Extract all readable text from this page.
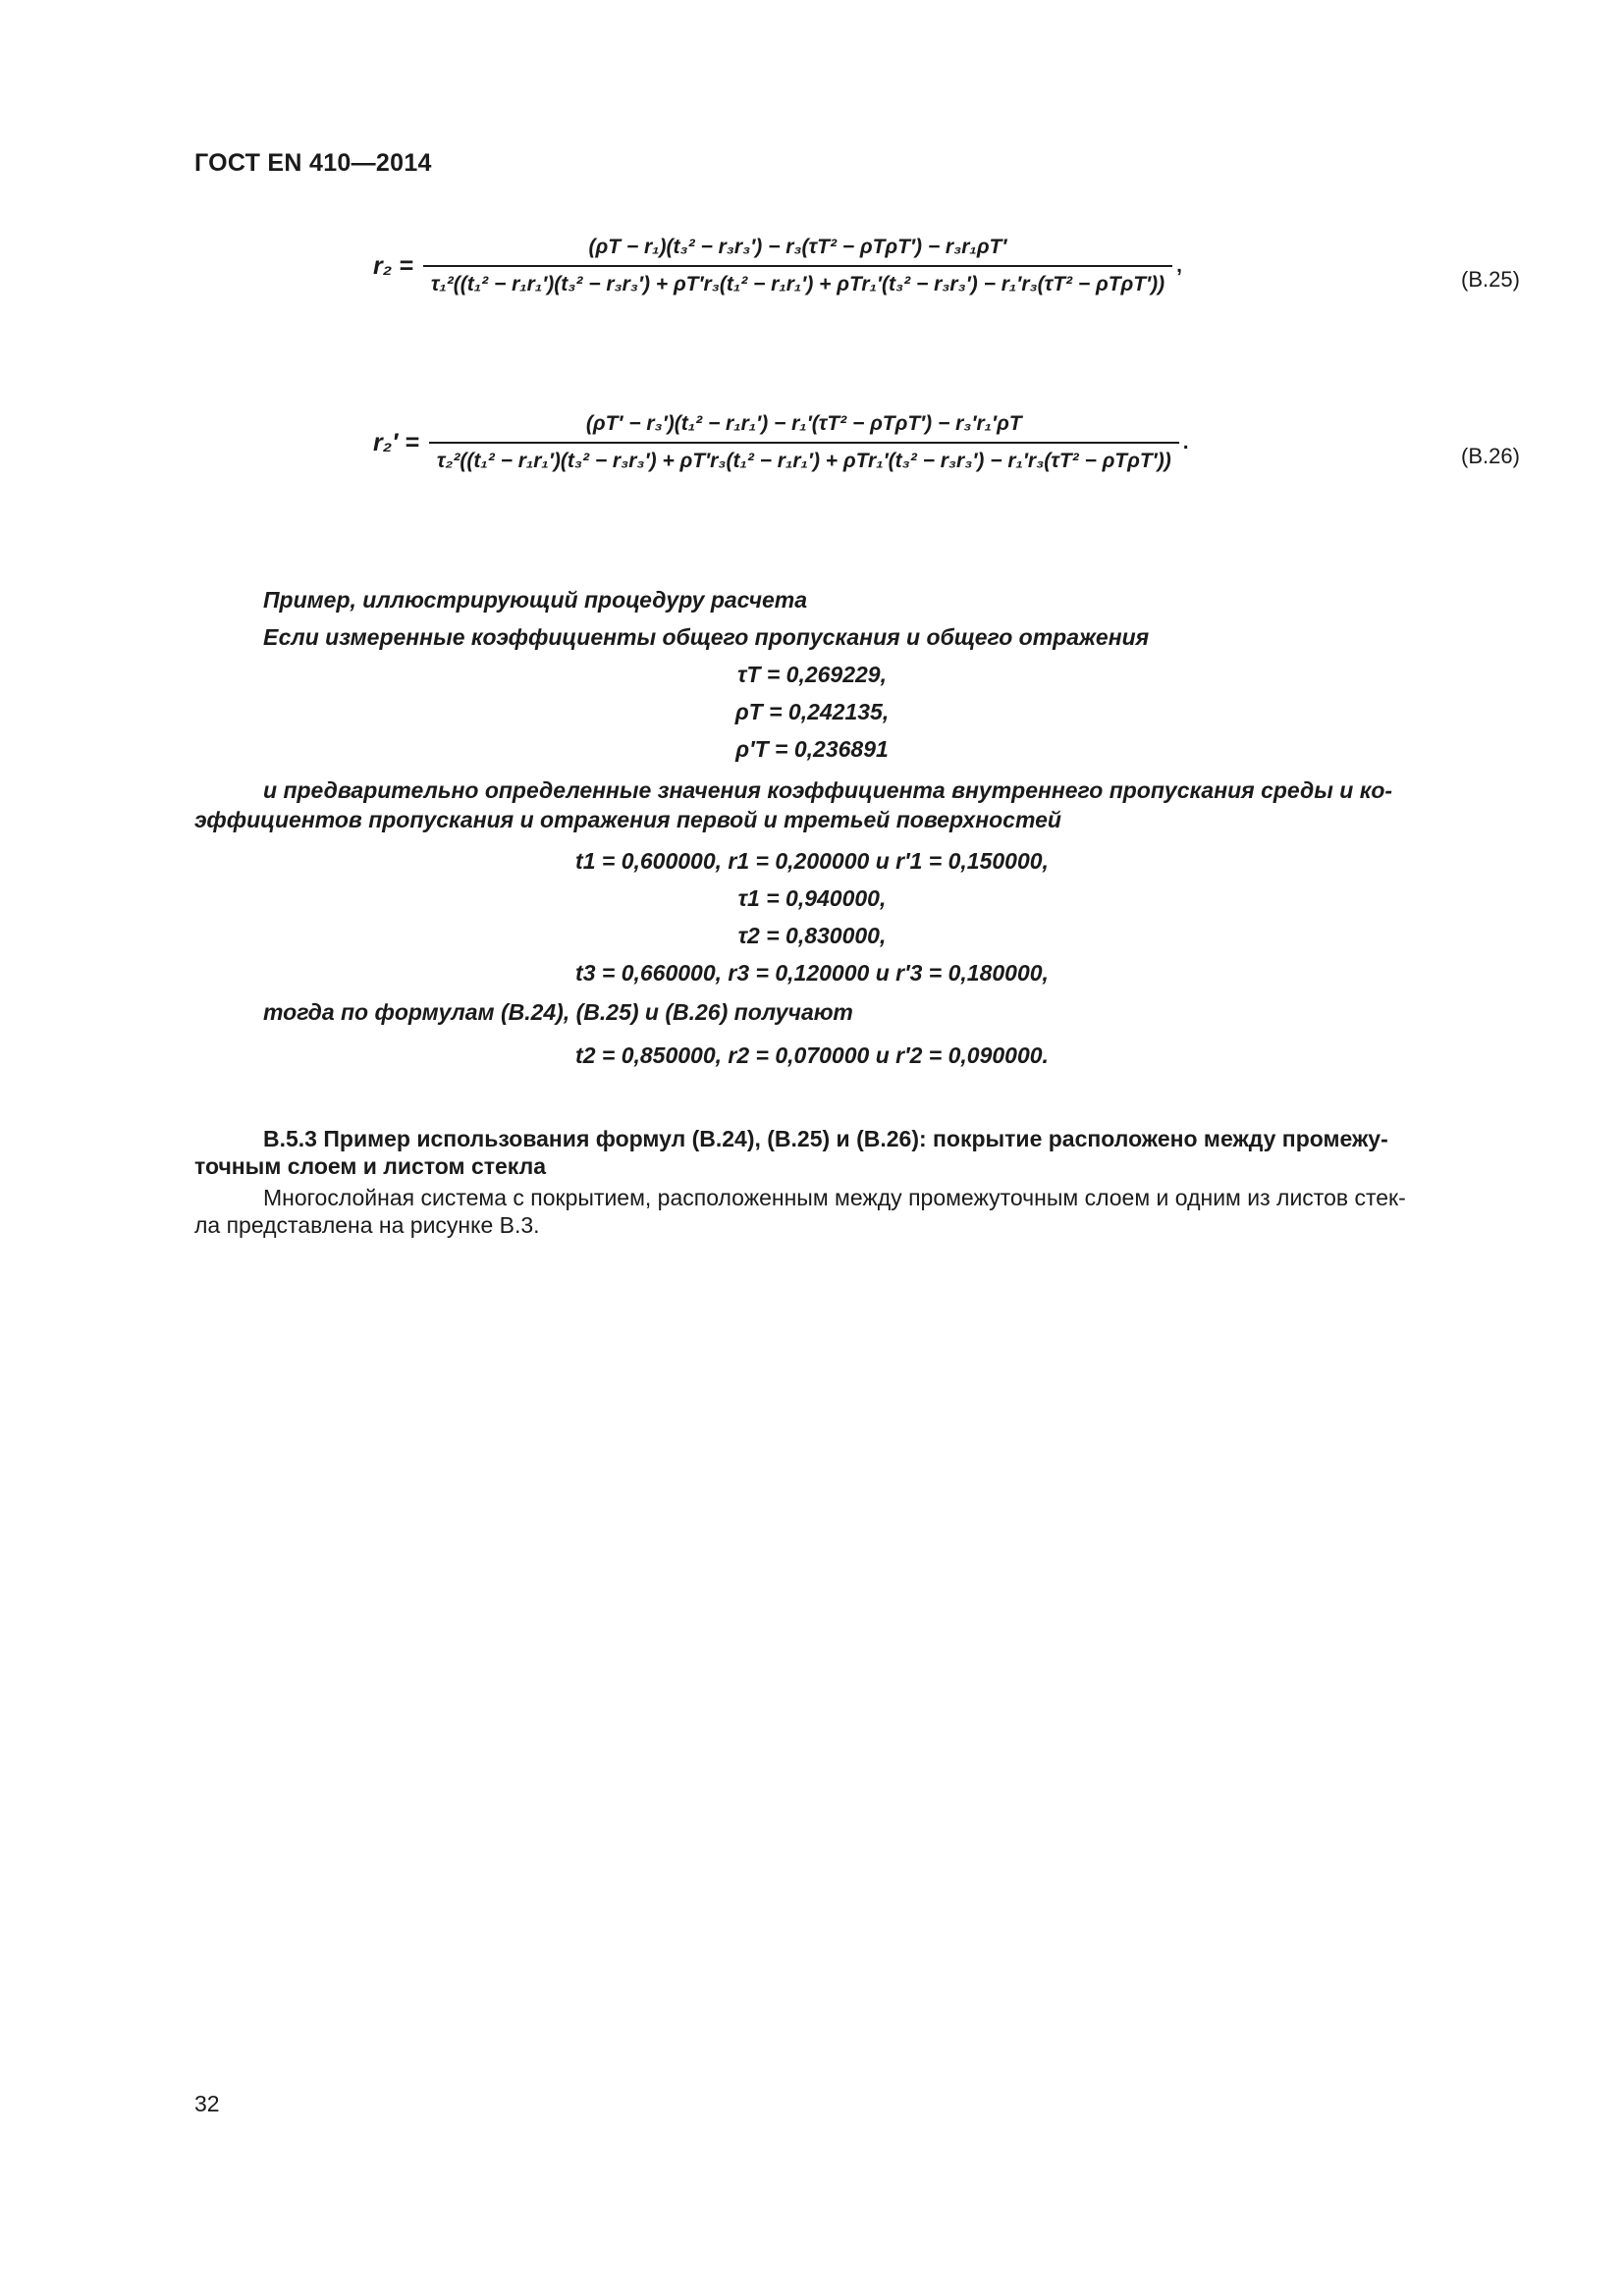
ГОСТ EN 410—2014
r₂ =
(ρT − r₁)(t₃² − r₃r₃′) − r₃(τT² − ρTρT′) − r₃r₁ρT′
τ₁²((t₁² − r₁r₁′)(t₃² − r₃r₃′) + ρT′r₃(t₁² − r₁r₁′) + ρTr₁′(t₃² − r₃r₃′) − r₁′r₃(τT² − ρTρT′))
,
(В.25)
r₂′ =
(ρT′ − r₃′)(t₁² − r₁r₁′) − r₁′(τT² − ρTρT′) − r₃′r₁′ρT
τ₂²((t₁² − r₁r₁′)(t₃² − r₃r₃′) + ρT′r₃(t₁² − r₁r₁′) + ρTr₁′(t₃² − r₃r₃′) − r₁′r₃(τT² − ρTρT′))
.
(В.26)
Пример, иллюстрирующий процедуру расчета
Если измеренные коэффициенты общего пропускания и общего отражения
τT = 0,269229,
ρT = 0,242135,
ρ′T = 0,236891
и предварительно определенные значения коэффициента внутреннего пропускания среды и ко-
эффициентов пропускания и отражения первой и третьей поверхностей
t1 = 0,600000, r1 = 0,200000 и r′1 = 0,150000,
τ1 = 0,940000,
τ2 = 0,830000,
t3 = 0,660000, r3 = 0,120000 и r′3 = 0,180000,
тогда по формулам (В.24), (В.25) и (В.26) получают
t2 = 0,850000, r2 = 0,070000 и r′2 = 0,090000.
В.5.3 Пример использования формул (В.24), (В.25) и (В.26): покрытие расположено между промежу-
точным слоем и листом стекла
Многослойная система с покрытием, расположенным между промежуточным слоем и одним из листов стек-
ла представлена на рисунке В.3.
32
